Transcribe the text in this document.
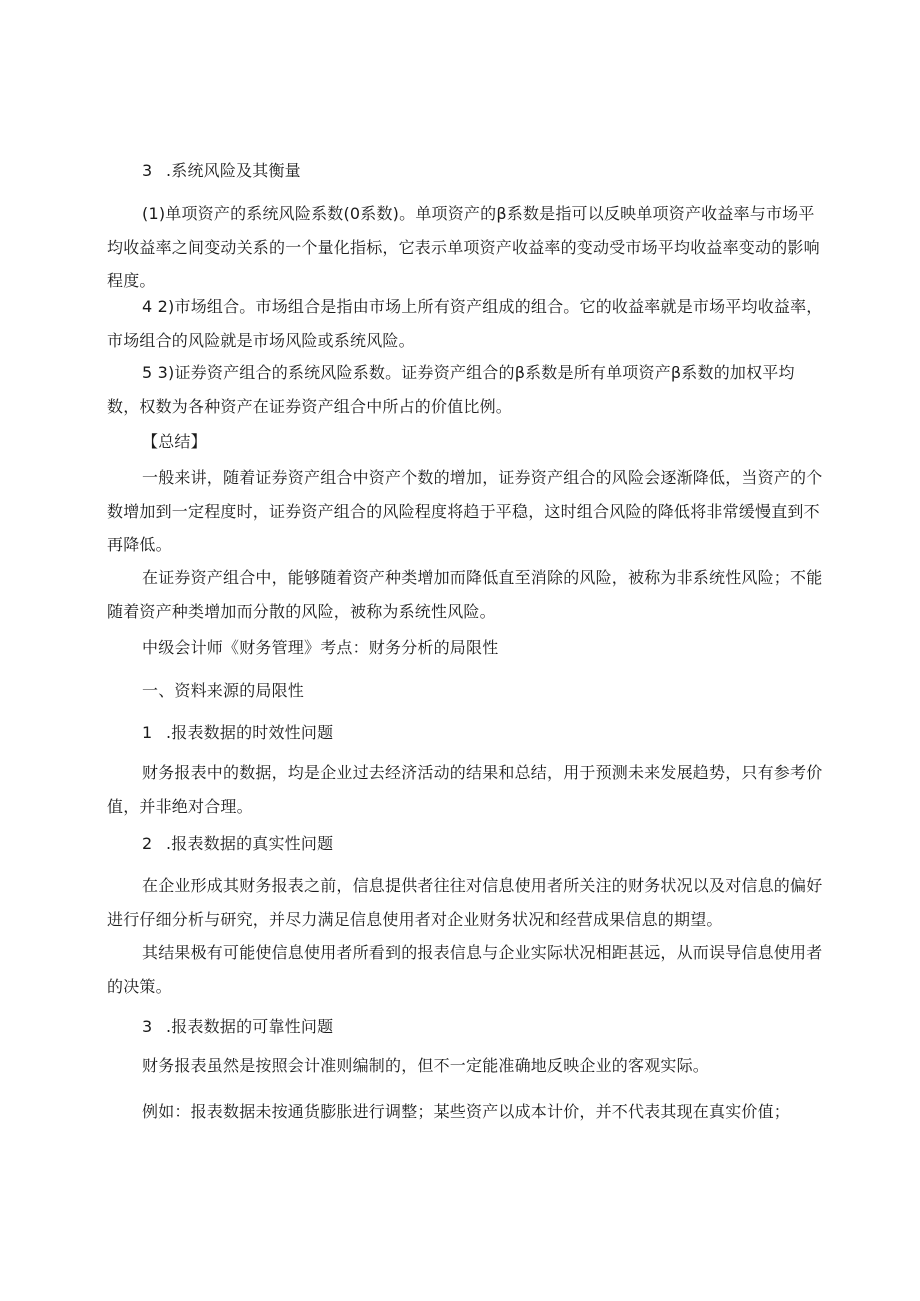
3 .系统风险及其衡量

(1)单项资产的系统风险系数(0系数)。单项资产的β系数是指可以反映单项资产收益率与市场平均收益率之间变动关系的一个量化指标，它表示单项资产收益率的变动受市场平均收益率变动的影响程度。

4 2)市场组合。市场组合是指由市场上所有资产组成的组合。它的收益率就是市场平均收益率，市场组合的风险就是市场风险或系统风险。

5 3)证券资产组合的系统风险系数。证券资产组合的β系数是所有单项资产β系数的加权平均数，权数为各种资产在证券资产组合中所占的价值比例。

【总结】

一般来讲，随着证券资产组合中资产个数的增加，证券资产组合的风险会逐渐降低，当资产的个数增加到一定程度时，证券资产组合的风险程度将趋于平稳，这时组合风险的降低将非常缓慢直到不再降低。

在证券资产组合中，能够随着资产种类增加而降低直至消除的风险，被称为非系统性风险；不能随着资产种类增加而分散的风险，被称为系统性风险。

中级会计师《财务管理》考点：财务分析的局限性

一、资料来源的局限性

1 .报表数据的时效性问题

财务报表中的数据，均是企业过去经济活动的结果和总结，用于预测未来发展趋势，只有参考价值，并非绝对合理。

2 .报表数据的真实性问题

在企业形成其财务报表之前，信息提供者往往对信息使用者所关注的财务状况以及对信息的偏好进行仔细分析与研究，并尽力满足信息使用者对企业财务状况和经营成果信息的期望。

其结果极有可能使信息使用者所看到的报表信息与企业实际状况相距甚远，从而误导信息使用者的决策。

3 .报表数据的可靠性问题

财务报表虽然是按照会计准则编制的，但不一定能准确地反映企业的客观实际。

例如：报表数据未按通货膨胀进行调整；某些资产以成本计价，并不代表其现在真实价值；
